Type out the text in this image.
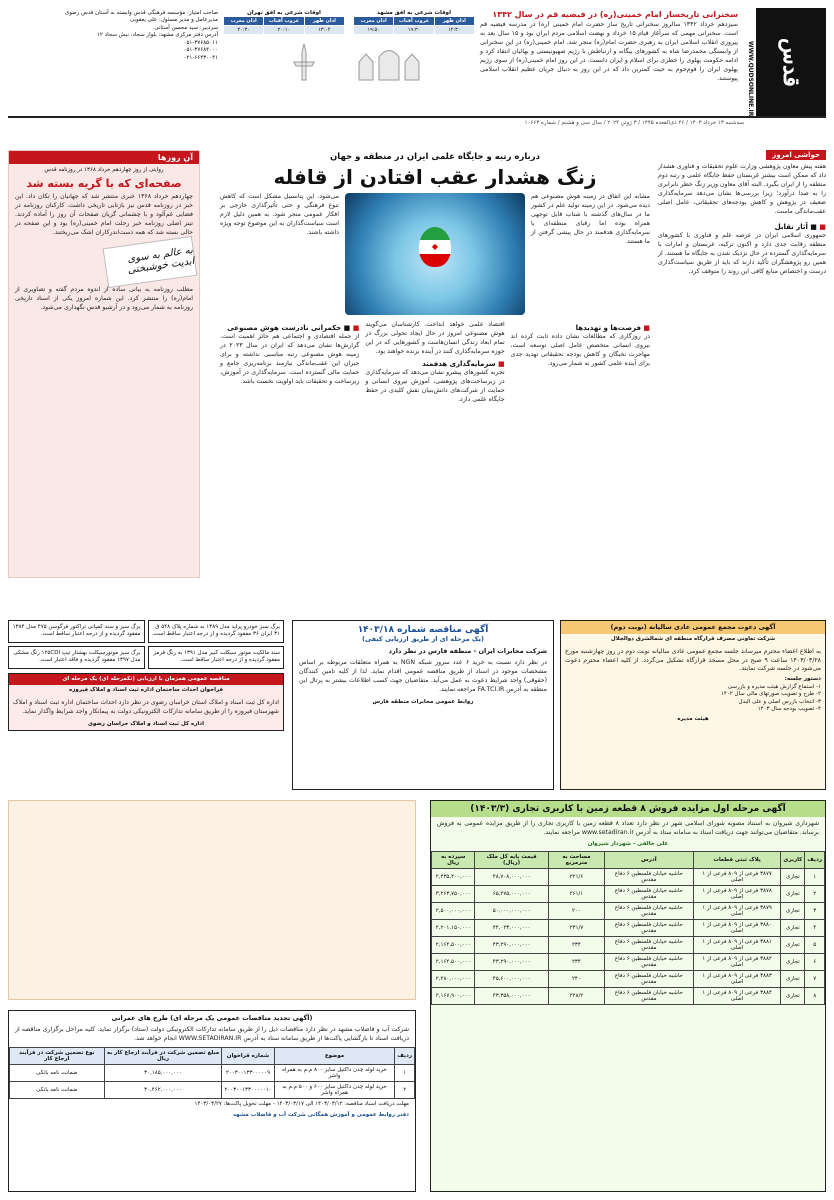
قدس
WWW.QUDSONLINE.IR
سخنرانی تاریخساز امام خمینی(ره) در فیضیه قم در سال ۱۳۴۲
سیزدهم خرداد ۱۳۴۲ سالروز سخنرانی تاریخ ساز حضرت امام خمینی (ره) در مدرسه فیضیه قم است. سخنرانی مهمی که سرآغاز قیام ۱۵ خرداد و نهضت اسلامی مردم ایران بود و ۱۵ سال بعد به پیروزی انقلاب اسلامی ایران به رهبری حضرت امام(ره) منجر شد. امام خمینی(ره) در این سخنرانی از وابستگی محمدرضا شاه به کشورهای بیگانه و ارتباطش با رژیم صهیونیستی و بهائیان انتقاد کرد و ادامه حکومت پهلوی را خطری برای اسلام و ایران دانست. در این روز امام خمینی(ره) از سوی رژیم پهلوی ایران را فوم‌جوم به حیث کمترین داد که در این روز به دنبال جریان عظیم انقلاب اسلامی پیوستند.
اوقات شرعی به افق مشهد
اذان ظهر
غروب آفتاب
اذان مغرب
۱۲:۳۰
۱۹:۳۰
۱۹:۵۰
اوقات شرعی به افق تهران
اذان ظهر
غروب آفتاب
اذان مغرب
۱۳:۰۴
۲۰:۱۰
۲۰:۳۰
صاحب امتیاز: مؤسسه فرهنگی قدس وابسته به آستان قدس رضوی
مدیرعامل و مدیر مسئول: علی یعقوبی
سردبیر: سید محسن آستانی
آدرس دفتر مرکزی مشهد: بلوار سجاد، نبش سجاد ۱۲
۰۵۱-۳۷۶۸۵۰۱۱
۰۵۱-۳۷۶۸۴۰۰۰
۰۲۱-۶۶۴۳۰۰۴۱
سه‌شنبه ۱۳ خرداد ۱۴۰۳ / ۲۶ ذی‌القعده ۱۴۴۵ / ۳ ژوئن ۲۰۲۴ / سال سی و هشتم / شماره ۱۰۶۶۳
حواشی امروز
هفته پیش معاون پژوهشی وزارت علوم تحقیقات و فناوری هشدار داد که ممکن است بیشتر غربستان حفظ جایگاه علمی و رتبه دوم منطقه را از ایران بگیرد. البته آقای معاون وزیر زنگ خطر نابرابری را به صدا درآورد؛ زیرا بررسی‌ها نشان می‌دهد سرمایه‌گذاری ضعیف در پژوهش و کاهش بودجه‌های تحقیقاتی، عامل اصلی عقب‌ماندگی ماست.
■ ■ آثار تقابل
جمهوری اسلامی ایران در عرصه علم و فناوری با کشورهای منطقه رقابت جدی دارد و اکنون ترکیه، عربستان و امارات با سرمایه‌گذاری گسترده در حال نزدیک شدن به جایگاه ما هستند. از همین رو پژوهشگران تأکید دارند که باید از طریق سیاست‌گذاری درست و اختصاص منابع کافی این روند را متوقف کرد.
درباره رتبه و جایگاه علمی ایران در منطقه و جهان
زنگ هشدار عقب افتادن از قافله
مشابه این اتفاق در زمینه هوش مصنوعی هم دیده می‌شود. در این زمینه تولید علم در کشور ما در سال‌های گذشته با شتاب قابل توجهی همراه بوده اما رقبای منطقه‌ای با سرمایه‌گذاری هدفمند در حال پیشی گرفتن از ما هستند.
◆
می‌شود. این پتانسیل مشکل است که کاهش تنوع فرهنگی و حتی تأثیرگذاری خارجی بر افکار عمومی منجر شود. به همین دلیل لازم است سیاست‌گذاران به این موضوع توجه ویژه داشته باشند.
■ فرصت‌ها و تهدیدها
در روزگاری که مطالعات نشان داده ثابت کرده اند نیروی انسانی متخصص عامل اصلی توسعه است، مهاجرت نخبگان و کاهش بودجه تحقیقاتی تهدید جدی برای آینده علمی کشور به شمار می‌رود.
اقتصاد علمی خواهد انداخت. کارشناسان می‌گویند هوش مصنوعی امروز در حال ایجاد تحولی بزرگ در تمام ابعاد زندگی انسان‌هاست و کشورهایی که در این حوزه سرمایه‌گذاری کنند در آینده برنده خواهند بود.
■ سرمایه‌گذاری هدفمند
تجربه کشورهای پیشرو نشان می‌دهد که سرمایه‌گذاری در زیرساخت‌های پژوهشی، آموزش نیروی انسانی و حمایت از شرکت‌های دانش‌بنیان نقش کلیدی در حفظ جایگاه علمی دارد.
■ ■ حکمرانی نادرست هوش مصنوعی
از جمله اقتصادی و اجتماعی هم حائز اهمیت است. گزارش‌ها نشان می‌دهد که ایران در سال ۲۰۲۳ در زمینه هوش مصنوعی رتبه مناسبی نداشته و برای جبران این عقب‌ماندگی نیازمند برنامه‌ریزی جامع و حمایت مالی گسترده است. سرمایه‌گذاری در آموزش، زیرساخت و تحقیقات باید اولویت نخست باشد.
آن روزها
روایتی از روز چهاردهم خرداد ۱۳۶۸ در روزنامه قدس
صفحه‌ای که با گریه بسته شد
چهاردهم خرداد ۱۳۶۸ خبری منتشر شد که جهانیان را تکان داد. این خبر در روزنامه قدس نیز بازتابی تاریخی داشت. کارکنان روزنامه در فضایی غم‌آلود و با چشمانی گریان صفحات آن روز را آماده کردند. تیتر اصلی روزنامه خبر رحلت امام خمینی(ره) بود و این صفحه در حالی بسته شد که همه دست‌اندرکاران اشک می‌ریختند.
به عالم به سوی ابدیت خوشبختی
مطلب روزنامه به بیانی ساده از اندوه مردم گفته و تصاویری از امام(ره) را منتشر کرد. این شماره امروز یکی از اسناد تاریخی روزنامه به شمار می‌رود و در آرشیو قدس نگهداری می‌شود.
آگهی دعوت مجمع عمومی عادی سالیانه (نوبت دوم)
شرکت تعاونی مصرف قرارگاه منطقه ای شمالشرق ذوالجلال
به اطلاع اعضاء محترم میرساند جلسه مجمع عمومی عادی سالیانه نوبت دوم در روز چهارشنبه مورخ ۱۴۰۳/۰۳/۲۸ ساعت ۹ صبح در محل مسجد قرارگاه تشکیل می‌گردد. از کلیه اعضاء محترم دعوت می‌شود در جلسه شرکت نمایند.
دستور جلسه:
۱- استماع گزارش هیئت مدیره و بازرسی
۲- طرح و تصویب صورتهای مالی سال ۱۴۰۲
۳- انتخاب بازرس اصلی و علی البدل
۴- تصویب بودجه سال ۱۴۰۳
هیئت مدیره
آگهی مناقصه شماره ۱۴۰۳/۱۸
(یک مرحله ای از طریق ارزیابی کیفی)
شرکت مخابرات ایران - منطقه فارس در نظر دارد
در نظر دارد نسبت به خرید ۶ عدد سرور شبکه NGN به همراه متعلقات مربوطه بر اساس مشخصات موجود در اسناد از طریق مناقصه عمومی اقدام نماید. لذا از کلیه تامین کنندگان (حقوقی) واجد شرایط دعوت به عمل می‌آید. متقاضیان جهت کسب اطلاعات بیشتر به پرتال این منطقه به آدرس FA.TCI.IR مراجعه نمایند.
روابط عمومی مخابرات منطقه فارس
برگ سبز خودرو پراید مدل ۱۳۸۹ به شماره پلاک ۵۴۸ ق ۳۱ ایران ۳۶ مفقود گردیده و از درجه اعتبار ساقط است.
برگ سبز و سند کمپانی تراکتور فرگوسن ۴۷۵ مدل ۱۳۸۴ مفقود گردیده و از درجه اعتبار ساقط است.
سند مالکیت موتور سیکلت کبیر مدل ۱۳۹۱ به رنگ قرمز مفقود گردیده و از درجه اعتبار ساقط است.
برگ سبز موتورسیکلت بهشتاز تیپ ۱۲۵CDI رنگ مشکی مدل ۱۳۹۷ مفقود گردیده و فاقد اعتبار است.
مناقصه عمومی همزمان با ارزیابی (تکمرحله ای) یک مرحله ای
فراخوان احداث ساختمان اداره ثبت اسناد و املاک فیروزه
اداره کل ثبت اسناد و املاک استان خراسان رضوی در نظر دارد احداث ساختمان اداره ثبت اسناد و املاک شهرستان فیروزه را از طریق سامانه تدارکات الکترونیکی دولت به پیمانکار واجد شرایط واگذار نماید.
اداره کل ثبت اسناد و املاک خراسان رضوی
آگهی مرحله اول مزایده فروش ۸ قطعه زمین با کاربری تجاری (۱۴۰۳/۳)
شهرداری شیروان به استناد مصوبه شورای اسلامی شهر در نظر دارد تعداد ۸ قطعه زمین با کاربری تجاری را از طریق مزایده عمومی به فروش برساند. متقاضیان می‌توانند جهت دریافت اسناد به سامانه ستاد به آدرس www.setadiran.ir مراجعه نمایند.
علی خالقی - شهردار شیروان
ردیف	کاربری	پلاک ثبتی قطعات	آدرس	مساحت به مترمربع	قیمت پایه کل ملک (ریال)	سپرده به ریال
۱	تجاری	۳۸۷۷ فرعی از ۸۰۹ فرعی از ۱ اصلی	حاشیه خیابان فلسطین ۶ دفاع مقدس	۲۲۱/۶	۴۸,۷۰۸,۰۰۰,۰۰۰	۲,۴۳۵,۴۰۰,۰۰۰
۲	تجاری	۳۸۷۸ فرعی از ۸۰۹ فرعی از ۱ اصلی	حاشیه خیابان فلسطین ۶ دفاع مقدس	۲۶۱/۱	۶۵,۲۷۵,۰۰۰,۰۰۰	۳,۲۶۳,۷۵۰,۰۰۰
۳	تجاری	۳۸۷۹ فرعی از ۸۰۹ فرعی از ۱ اصلی	حاشیه خیابان فلسطین ۶ دفاع مقدس	۲۰۰	۵۰,۰۰۰,۰۰۰,۰۰۰	۲,۵۰۰,۰۰۰,۰۰۰
۴	تجاری	۳۸۸۰ فرعی از ۸۰۹ فرعی از ۱ اصلی	حاشیه خیابان فلسطین ۶ دفاع مقدس	۲۳۱/۷	۴۴,۰۲۳,۰۰۰,۰۰۰	۲,۲۰۱,۱۵۰,۰۰۰
۵	تجاری	۳۸۸۱ فرعی از ۸۰۹ فرعی از ۱ اصلی	حاشیه خیابان فلسطین ۶ دفاع مقدس	۲۳۴	۴۳,۲۹۰,۰۰۰,۰۰۰	۲,۱۶۴,۵۰۰,۰۰۰
۶	تجاری	۳۸۸۲ فرعی از ۸۰۹ فرعی از ۱ اصلی	حاشیه خیابان فلسطین ۶ دفاع مقدس	۲۳۴	۴۳,۲۹۰,۰۰۰,۰۰۰	۲,۱۶۴,۵۰۰,۰۰۰
۷	تجاری	۳۸۸۳ فرعی از ۸۰۹ فرعی از ۱ اصلی	حاشیه خیابان فلسطین ۶ دفاع مقدس	۲۴۰	۴۵,۶۰۰,۰۰۰,۰۰۰	۲,۲۸۰,۰۰۰,۰۰۰
۸	تجاری	۳۸۸۴ فرعی از ۸۰۹ فرعی از ۱ اصلی	حاشیه خیابان فلسطین ۶ دفاع مقدس	۲۲۸/۲	۴۳,۳۵۸,۰۰۰,۰۰۰	۲,۱۶۷,۹۰۰,۰۰۰
(آگهی تجدید مناقصات عمومی یک مرحله ای) طرح های عمرانی
شرکت آب و فاضلاب مشهد در نظر دارد مناقصات ذیل را از طریق سامانه تدارکات الکترونیکی دولت (ستاد) برگزار نماید. کلیه مراحل برگزاری مناقصه از دریافت اسناد تا بازگشایی پاکت‌ها از طریق سامانه ستاد به آدرس WWW.SETADIRAN.IR انجام خواهد شد.
ردیف	موضوع	شماره فراخوان	مبلغ تضمین شرکت در فرآیند ارجاع کار به ریال	نوع تضمین شرکت در فرآیند ارجاع کار
۱	خرید لوله چدن داکتیل سایز ۸۰۰ م.م به همراه واشر	۲۰۰۳۰۰۱۳۳۰۰۰۰۰۹	۳۰,۱۸۵,۰۰۰,۰۰۰	ضمانت نامه بانکی
۲	خرید لوله چدن داکتیل سایز ۶۰۰ و ۵۰۰ م.م به همراه واشر	۲۰۰۳۰۰۱۳۳۰۰۰۰۰۱۰	۳۰,۴۶۲,۰۰۰,۰۰۰	ضمانت نامه بانکی
مهلت دریافت اسناد مناقصه: ۱۴۰۳/۰۳/۱۲ الی ۱۴۰۳/۰۳/۱۷ - مهلت تحویل پاکت‌ها: ۱۴۰۳/۰۳/۲۷
دفتر روابط عمومی و آموزش همگانی شرکت آب و فاضلاب مشهد
